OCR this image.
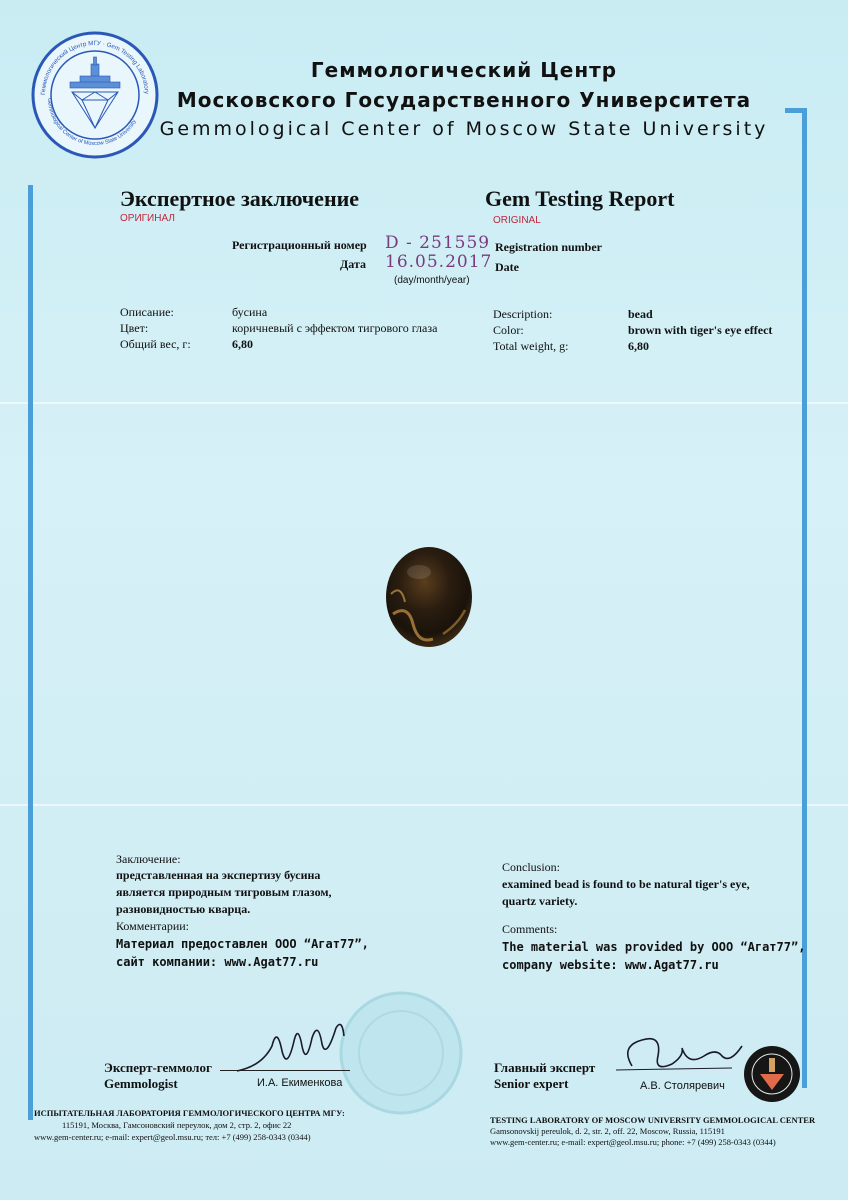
Геммологический Центр МГУ · Gem Testing Laboratory
Gemmological Center of Moscow State University
Геммологический Центр
Московского Государственного Университета
Gemmological Center of Moscow State University
Экспертное заключение
ОРИГИНАЛ
Gem Testing Report
ORIGINAL
Регистрационный номер D - 251559 Registration number
Дата 16.05.2017 Date
(day/month/year)
Описание:	бусина
Цвет:	коричневый с эффектом тигрового глаза
Общий вес, г:	6,80
Description:	bead
Color:	brown with tiger's eye effect
Total weight, g:	6,80
Заключение:
представленная на экспертизу бусина
является природным тигровым глазом,
разновидностью кварца.
Комментарии:
Материал предоставлен ООО “Агат77”,
сайт компании: www.Agat77.ru
Conclusion:
examined bead is found to be natural tiger's eye,
quartz variety.
Comments:
The material was provided by ООО “Агат77”,
company website: www.Agat77.ru
Эксперт-геммолог
Gemmologist	И.А. Екименкова
Главный эксперт
Senior expert	А.В. Столяревич
ИСПЫТАТЕЛЬНАЯ ЛАБОРАТОРИЯ ГЕММОЛОГИЧЕСКОГО ЦЕНТРА МГУ:
115191, Москва, Гамсоновский переулок, дом 2, стр. 2, офис 22
www.gem-center.ru; e-mail: expert@geol.msu.ru; тел: +7 (499) 258-0343 (0344)
TESTING LABORATORY OF MOSCOW UNIVERSITY GEMMOLOGICAL CENTER
Gamsonovskij pereulok, d. 2, str. 2, off. 22, Moscow, Russia, 115191
www.gem-center.ru; e-mail: expert@geol.msu.ru; phone: +7 (499) 258-0343 (0344)
